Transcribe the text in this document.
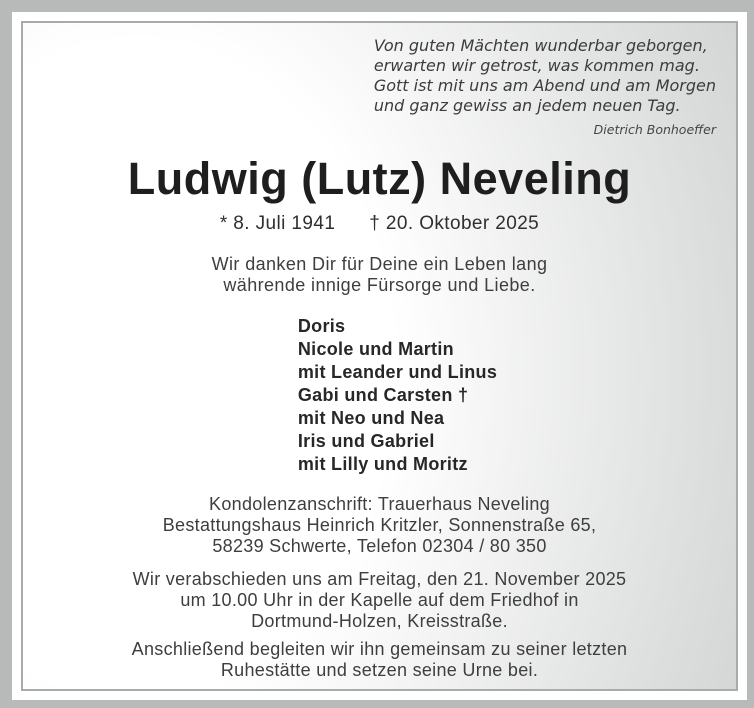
Von guten Mächten wunderbar geborgen,
erwarten wir getrost, was kommen mag.
Gott ist mit uns am Abend und am Morgen
und ganz gewiss an jedem neuen Tag.
Dietrich Bonhoeffer
Ludwig (Lutz) Neveling
* 8. Juli 1941 † 20. Oktober 2025
Wir danken Dir für Deine ein Leben lang
währende innige Fürsorge und Liebe.
Doris
Nicole und Martin
mit Leander und Linus
Gabi und Carsten †
mit Neo und Nea
Iris und Gabriel
mit Lilly und Moritz
Kondolenzanschrift: Trauerhaus Neveling
Bestattungshaus Heinrich Kritzler, Sonnenstraße 65,
58239 Schwerte, Telefon 02304 / 80 350
Wir verabschieden uns am Freitag, den 21. November 2025
um 10.00 Uhr in der Kapelle auf dem Friedhof in
Dortmund-Holzen, Kreisstraße.
Anschließend begleiten wir ihn gemeinsam zu seiner letzten
Ruhestätte und setzen seine Urne bei.
